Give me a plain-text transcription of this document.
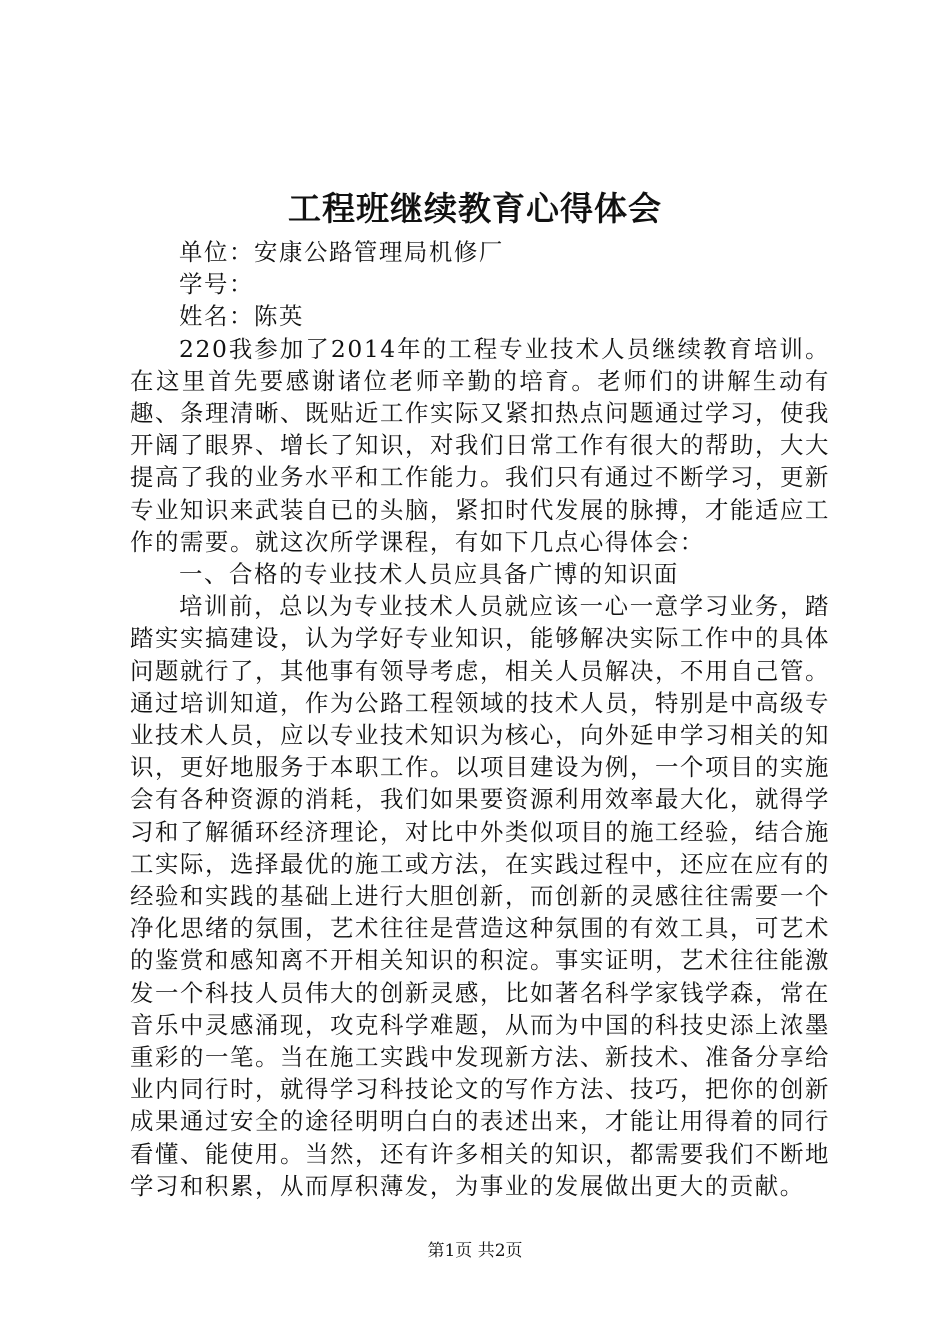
工程班继续教育心得体会

单位：安康公路管理局机修厂

学号：

姓名：陈英

220我参加了2014年的工程专业技术人员继续教育培训。在这里首先要感谢诸位老师辛勤的培育。老师们的讲解生动有趣、条理清晰、既贴近工作实际又紧扣热点问题通过学习，使我开阔了眼界、增长了知识，对我们日常工作有很大的帮助，大大提高了我的业务水平和工作能力。我们只有通过不断学习，更新专业知识来武装自已的头脑，紧扣时代发展的脉搏，才能适应工作的需要。就这次所学课程，有如下几点心得体会：

一、合格的专业技术人员应具备广博的知识面

培训前，总以为专业技术人员就应该一心一意学习业务，踏踏实实搞建设，认为学好专业知识，能够解决实际工作中的具体问题就行了，其他事有领导考虑，相关人员解决，不用自己管。通过培训知道，作为公路工程领域的技术人员，特别是中高级专业技术人员，应以专业技术知识为核心，向外延申学习相关的知识，更好地服务于本职工作。以项目建设为例，一个项目的实施会有各种资源的消耗，我们如果要资源利用效率最大化，就得学习和了解循环经济理论，对比中外类似项目的施工经验，结合施工实际，选择最优的施工或方法，在实践过程中，还应在应有的经验和实践的基础上进行大胆创新，而创新的灵感往往需要一个净化思绪的氛围，艺术往往是营造这种氛围的有效工具，可艺术的鉴赏和感知离不开相关知识的积淀。事实证明，艺术往往能激发一个科技人员伟大的创新灵感，比如著名科学家钱学森，常在音乐中灵感涌现，攻克科学难题，从而为中国的科技史添上浓墨重彩的一笔。当在施工实践中发现新方法、新技术、准备分享给业内同行时，就得学习科技论文的写作方法、技巧，把你的创新成果通过安全的途径明明白白的表述出来，才能让用得着的同行看懂、能使用。当然，还有许多相关的知识，都需要我们不断地学习和积累，从而厚积薄发，为事业的发展做出更大的贡献。

第1页 共2页
